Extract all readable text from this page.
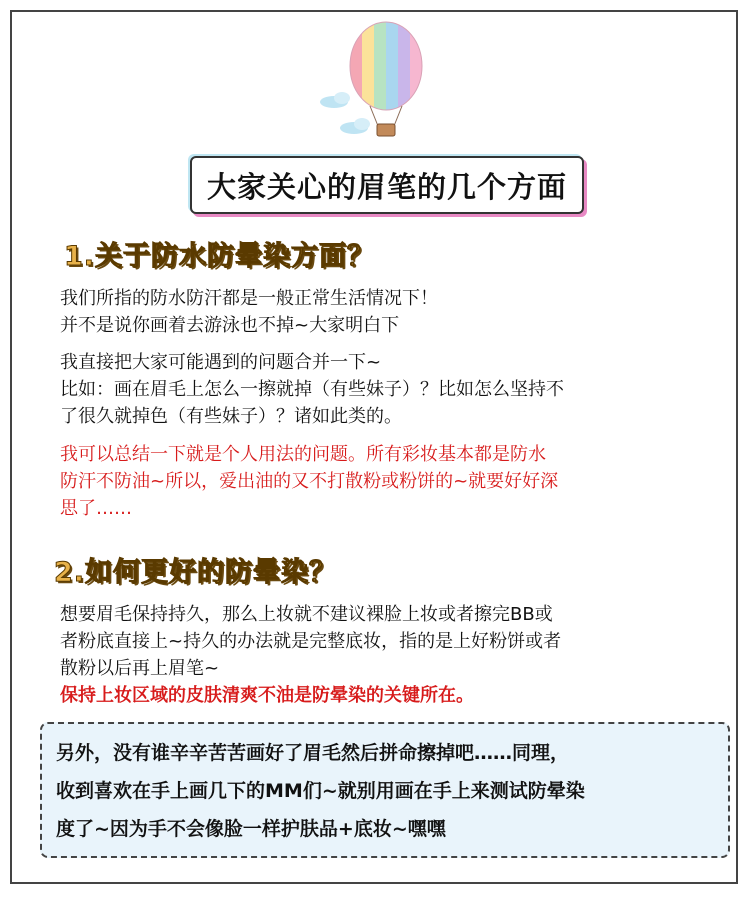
大家关心的眉笔的几个方面
1.关于防水防晕染方面？

我们所指的防水防汗都是一般正常生活情况下！

并不是说你画着去游泳也不掉~大家明白下

我直接把大家可能遇到的问题合并一下~

比如：画在眉毛上怎么一擦就掉（有些妹子）？比如怎么坚持不

了很久就掉色（有些妹子）？诸如此类的。

我可以总结一下就是个人用法的问题。所有彩妆基本都是防水

防汗不防油~所以，爱出油的又不打散粉或粉饼的~就要好好深

思了……

2.如何更好的防晕染？

想要眉毛保持持久，那么上妆就不建议裸脸上妆或者擦完BB或

者粉底直接上~持久的办法就是完整底妆，指的是上好粉饼或者

散粉以后再上眉笔~

保持上妆区域的皮肤清爽不油是防晕染的关键所在。

另外，没有谁辛辛苦苦画好了眉毛然后拼命擦掉吧……同理，

收到喜欢在手上画几下的MM们~就别用画在手上来测试防晕染

度了~因为手不会像脸一样护肤品+底妆~嘿嘿
